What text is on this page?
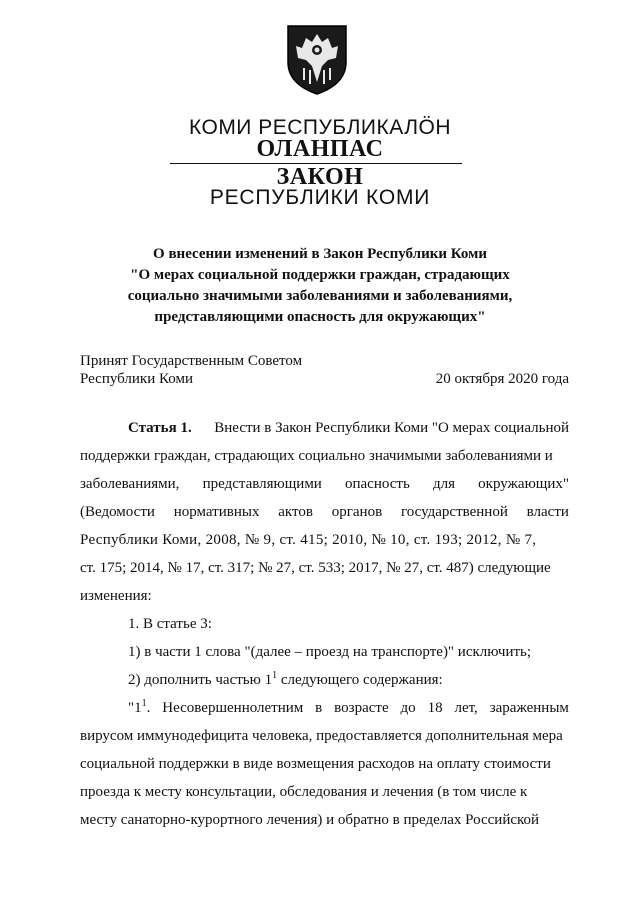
КОМИ РЕСПУБЛИКАЛÖН
ОЛАНПАС
ЗАКОН
РЕСПУБЛИКИ КОМИ
О внесении изменений в Закон Республики Коми
"О мерах социальной поддержки граждан, страдающих
социально значимыми заболеваниями и заболеваниями,
представляющими опасность для окружающих"
Принят Государственным Советом
Республики Коми	20 октября 2020 года
Статья 1. Внести в Закон Республики Коми "О мерах социальной
поддержки граждан, страдающих социально значимыми заболеваниями и
заболеваниями, представляющими опасность для окружающих"
(Ведомости нормативных актов органов государственной власти
Республики Коми, 2008, № 9, ст. 415; 2010, № 10, ст. 193; 2012, № 7,
ст. 175; 2014, № 17, ст. 317; № 27, ст. 533; 2017, № 27, ст. 487) следующие
изменения:
1. В статье 3:
1) в части 1 слова "(далее – проезд на транспорте)" исключить;
2) дополнить частью $1^1$ следующего содержания:
"$1^1$. Несовершеннолетним в возрасте до 18 лет, зараженным
вирусом иммунодефицита человека, предоставляется дополнительная мера
социальной поддержки в виде возмещения расходов на оплату стоимости
проезда к месту консультации, обследования и лечения (в том числе к
месту санаторно-курортного лечения) и обратно в пределах Российской
